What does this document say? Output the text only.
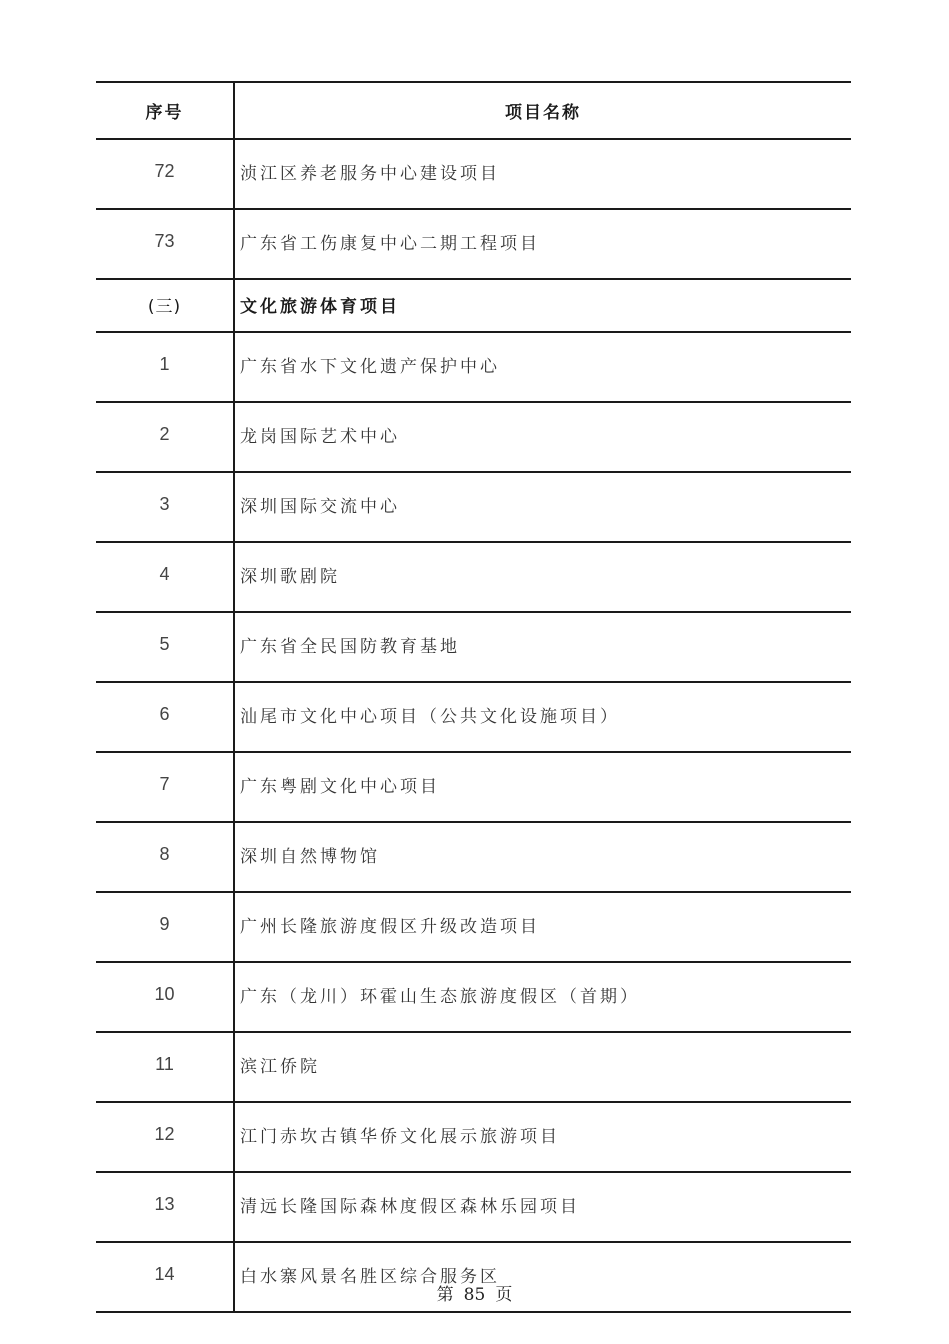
序号	项目名称
72	浈江区养老服务中心建设项目
73	广东省工伤康复中心二期工程项目
(三)	文化旅游体育项目
1	广东省水下文化遗产保护中心
2	龙岗国际艺术中心
3	深圳国际交流中心
4	深圳歌剧院
5	广东省全民国防教育基地
6	汕尾市文化中心项目（公共文化设施项目）
7	广东粤剧文化中心项目
8	深圳自然博物馆
9	广州长隆旅游度假区升级改造项目
10	广东（龙川）环霍山生态旅游度假区（首期）
11	滨江侨院
12	江门赤坎古镇华侨文化展示旅游项目
13	清远长隆国际森林度假区森林乐园项目
14	白水寨风景名胜区综合服务区
第 85 页
